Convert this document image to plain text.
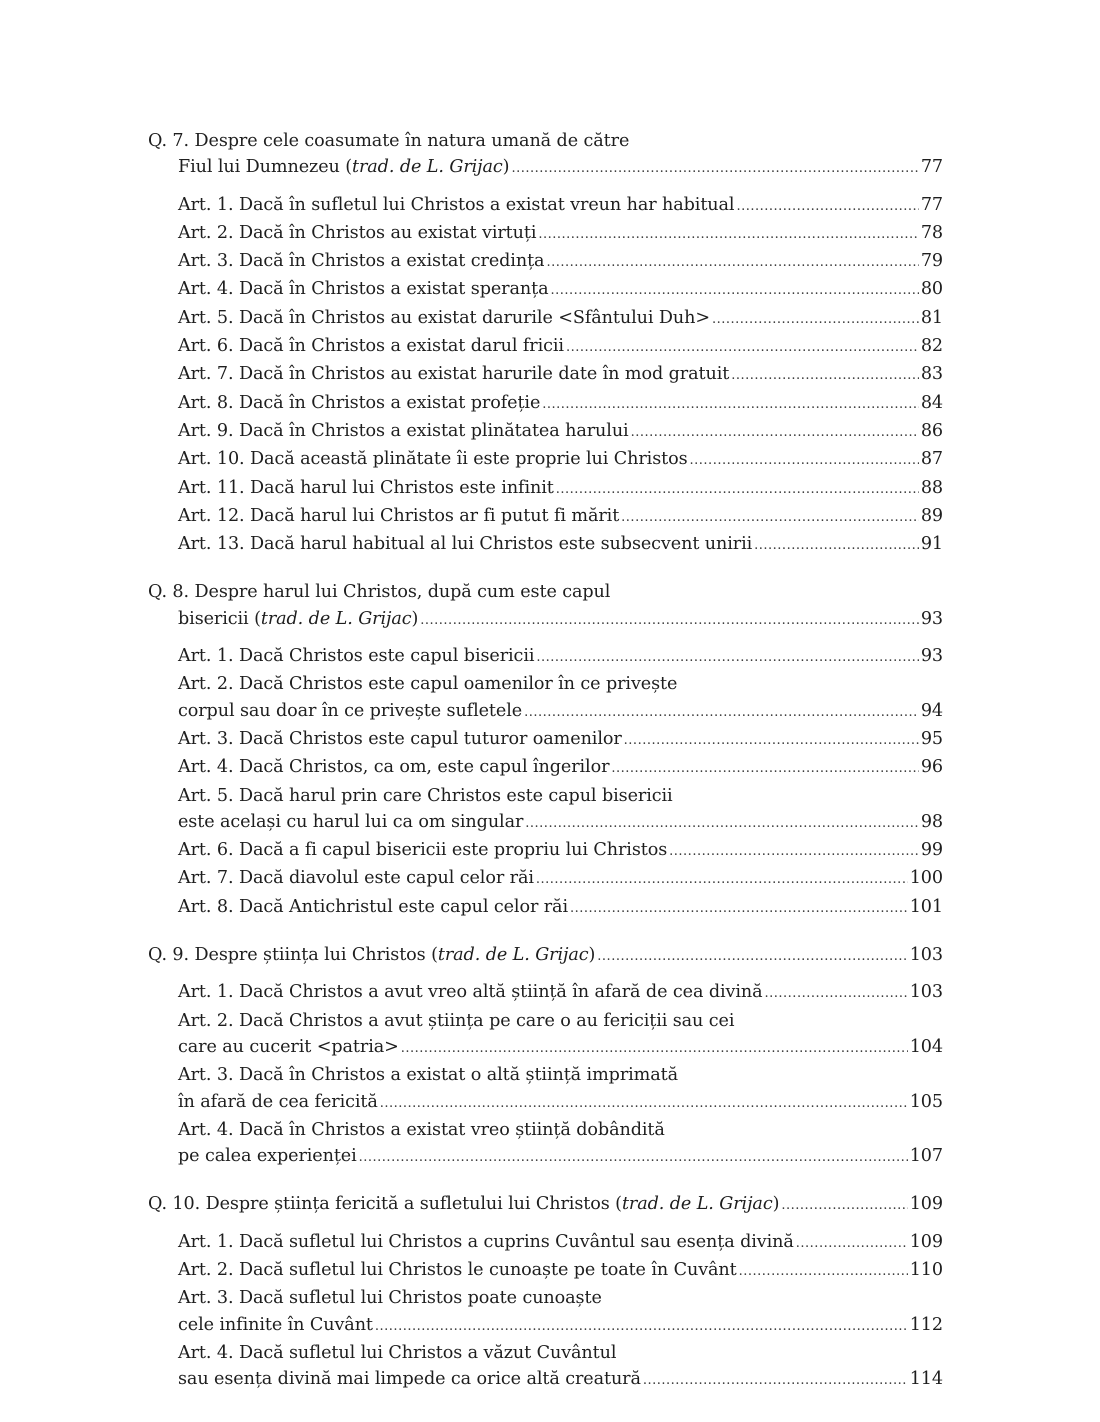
Q. 7. Despre cele coasumate în natura umană de către
Fiul lui Dumnezeu (trad. de L. Grijac) .....	77
Art. 1. Dacă în sufletul lui Christos a existat vreun har habitual .....	77
Art. 2. Dacă în Christos au existat virtuți .....	78
Art. 3. Dacă în Christos a existat credința .....	79
Art. 4. Dacă în Christos a existat speranța .....	80
Art. 5. Dacă în Christos au existat darurile <Sfântului Duh> .....	81
Art. 6. Dacă în Christos a existat darul fricii .....	82
Art. 7. Dacă în Christos au existat harurile date în mod gratuit .....	83
Art. 8. Dacă în Christos a existat profeție .....	84
Art. 9. Dacă în Christos a existat plinătatea harului .....	86
Art. 10. Dacă această plinătate îi este proprie lui Christos .....	87
Art. 11. Dacă harul lui Christos este infinit .....	88
Art. 12. Dacă harul lui Christos ar fi putut fi mărit .....	89
Art. 13. Dacă harul habitual al lui Christos este subsecvent unirii .....	91
Q. 8. Despre harul lui Christos, după cum este capul
bisericii (trad. de L. Grijac) .....	93
Art. 1. Dacă Christos este capul bisericii .....	93
Art. 2. Dacă Christos este capul oamenilor în ce privește
corpul sau doar în ce privește sufletele .....	94
Art. 3. Dacă Christos este capul tuturor oamenilor .....	95
Art. 4. Dacă Christos, ca om, este capul îngerilor .....	96
Art. 5. Dacă harul prin care Christos este capul bisericii
este același cu harul lui ca om singular .....	98
Art. 6. Dacă a fi capul bisericii este propriu lui Christos .....	99
Art. 7. Dacă diavolul este capul celor răi .....	100
Art. 8. Dacă Antichristul este capul celor răi .....	101
Q. 9. Despre știința lui Christos (trad. de L. Grijac) .....	103
Art. 1. Dacă Christos a avut vreo altă știință în afară de cea divină .....	103
Art. 2. Dacă Christos a avut știința pe care o au fericiții sau cei
care au cucerit <patria> .....	104
Art. 3. Dacă în Christos a existat o altă știință imprimată
în afară de cea fericită .....	105
Art. 4. Dacă în Christos a existat vreo știință dobândită
pe calea experienței .....	107
Q. 10. Despre știința fericită a sufletului lui Christos (trad. de L. Grijac) .....	109
Art. 1. Dacă sufletul lui Christos a cuprins Cuvântul sau esența divină .....	109
Art. 2. Dacă sufletul lui Christos le cunoaște pe toate în Cuvânt .....	110
Art. 3. Dacă sufletul lui Christos poate cunoaște
cele infinite în Cuvânt .....	112
Art. 4. Dacă sufletul lui Christos a văzut Cuvântul
sau esența divină mai limpede ca orice altă creatură .....	114
